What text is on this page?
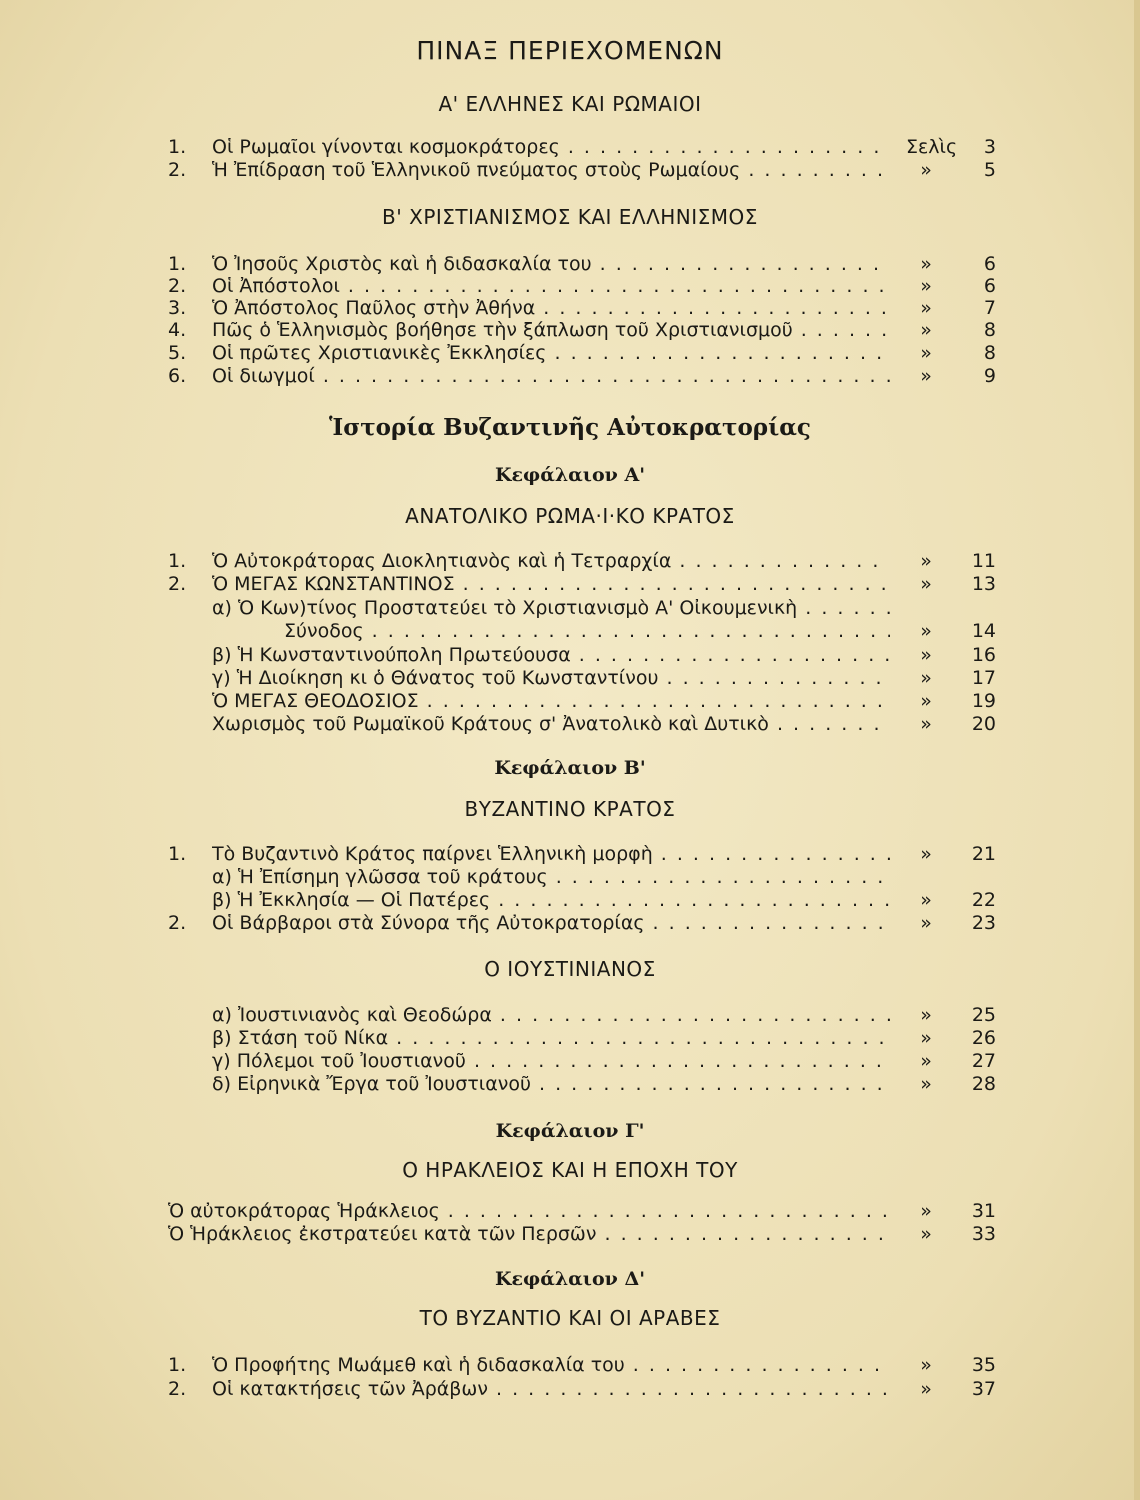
ΠΙΝΑΞ ΠΕΡΙΕΧΟΜΕΝΩΝ
Α' ΕΛΛΗΝΕΣ ΚΑΙ ΡΩΜΑΙΟΙ
1.	Οἱ Ρωμαῖοι γίνονται κοσμοκράτορες . . .	Σελὶς	3
2.	Ἡ Ἐπίδραση τοῦ Ἑλληνικοῦ πνεύματος στοὺς Ρωμαίους . . .	»	5
Β' ΧΡΙΣΤΙΑΝΙΣΜΟΣ ΚΑΙ ΕΛΛΗΝΙΣΜΟΣ
1.	Ὁ Ἰησοῦς Χριστὸς καὶ ἡ διδασκαλία του . . .	»	6
2.	Οἱ Ἀπόστολοι . . .	»	6
3.	Ὁ Ἀπόστολος Παῦλος στὴν Ἀθήνα . . .	»	7
4.	Πῶς ὁ Ἑλληνισμὸς βοήθησε τὴν ξάπλωση τοῦ Χριστιανισμοῦ . . .	»	8
5.	Οἱ πρῶτες Χριστιανικὲς Ἐκκλησίες . . .	»	8
6.	Οἱ διωγμοί . . .	»	9
Ἱστορία Βυζαντινῆς Αὐτοκρατορίας
Κεφάλαιον Α'
ΑΝΑΤΟΛΙΚΟ ΡΩΜΑ·Ι·ΚΟ ΚΡΑΤΟΣ
1.	Ὁ Αὐτοκράτορας Διοκλητιανὸς καὶ ἡ Τετραρχία . . .	»	11
2.	Ὁ ΜΕΓΑΣ ΚΩΝΣΤΑΝΤΙΝΟΣ . . .	»	13
α) Ὁ Κων)τίνος Προστατεύει τὸ Χριστιανισμὸ Α' Οἰκουμενικὴ . . .
Σύνοδος . . .	»	14
β) Ἡ Κωνσταντινούπολη Πρωτεύουσα . . .	»	16
γ) Ἡ Διοίκηση κι ὁ Θάνατος τοῦ Κωνσταντίνου . . .	»	17
Ὁ ΜΕΓΑΣ ΘΕΟΔΟΣΙΟΣ . . .	»	19
Χωρισμὸς τοῦ Ρωμαϊκοῦ Κράτους σ' Ἀνατολικὸ καὶ Δυτικὸ . . .	»	20
Κεφάλαιον Β'
ΒΥΖΑΝΤΙΝΟ ΚΡΑΤΟΣ
1.	Τὸ Βυζαντινὸ Κράτος παίρνει Ἑλληνικὴ μορφὴ . . .	»	21
α) Ἡ Ἐπίσημη γλῶσσα τοῦ κράτους . . .
β) Ἡ Ἐκκλησία — Οἱ Πατέρες . . .	»	22
2.	Οἱ Βάρβαροι στὰ Σύνορα τῆς Αὐτοκρατορίας . . .	»	23
Ο ΙΟΥΣΤΙΝΙΑΝΟΣ
α) Ἰουστινιανὸς καὶ Θεοδώρα . . .	»	25
β) Στάση τοῦ Νίκα . . .	»	26
γ) Πόλεμοι τοῦ Ἰουστιανοῦ . . .	»	27
δ) Εἰρηνικὰ Ἔργα τοῦ Ἰουστιανοῦ . . .	»	28
Κεφάλαιον Γ'
Ο ΗΡΑΚΛΕΙΟΣ ΚΑΙ Η ΕΠΟΧΗ ΤΟΥ
Ὁ αὐτοκράτορας Ἡράκλειος . . .	»	31
Ὁ Ἡράκλειος ἐκστρατεύει κατὰ τῶν Περσῶν . . .	»	33
Κεφάλαιον Δ'
ΤΟ ΒΥΖΑΝΤΙΟ ΚΑΙ ΟΙ ΑΡΑΒΕΣ
1.	Ὁ Προφήτης Μωάμεθ καὶ ἡ διδασκαλία του . . .	»	35
2.	Οἱ κατακτήσεις τῶν Ἀράβων . . .	»	37
